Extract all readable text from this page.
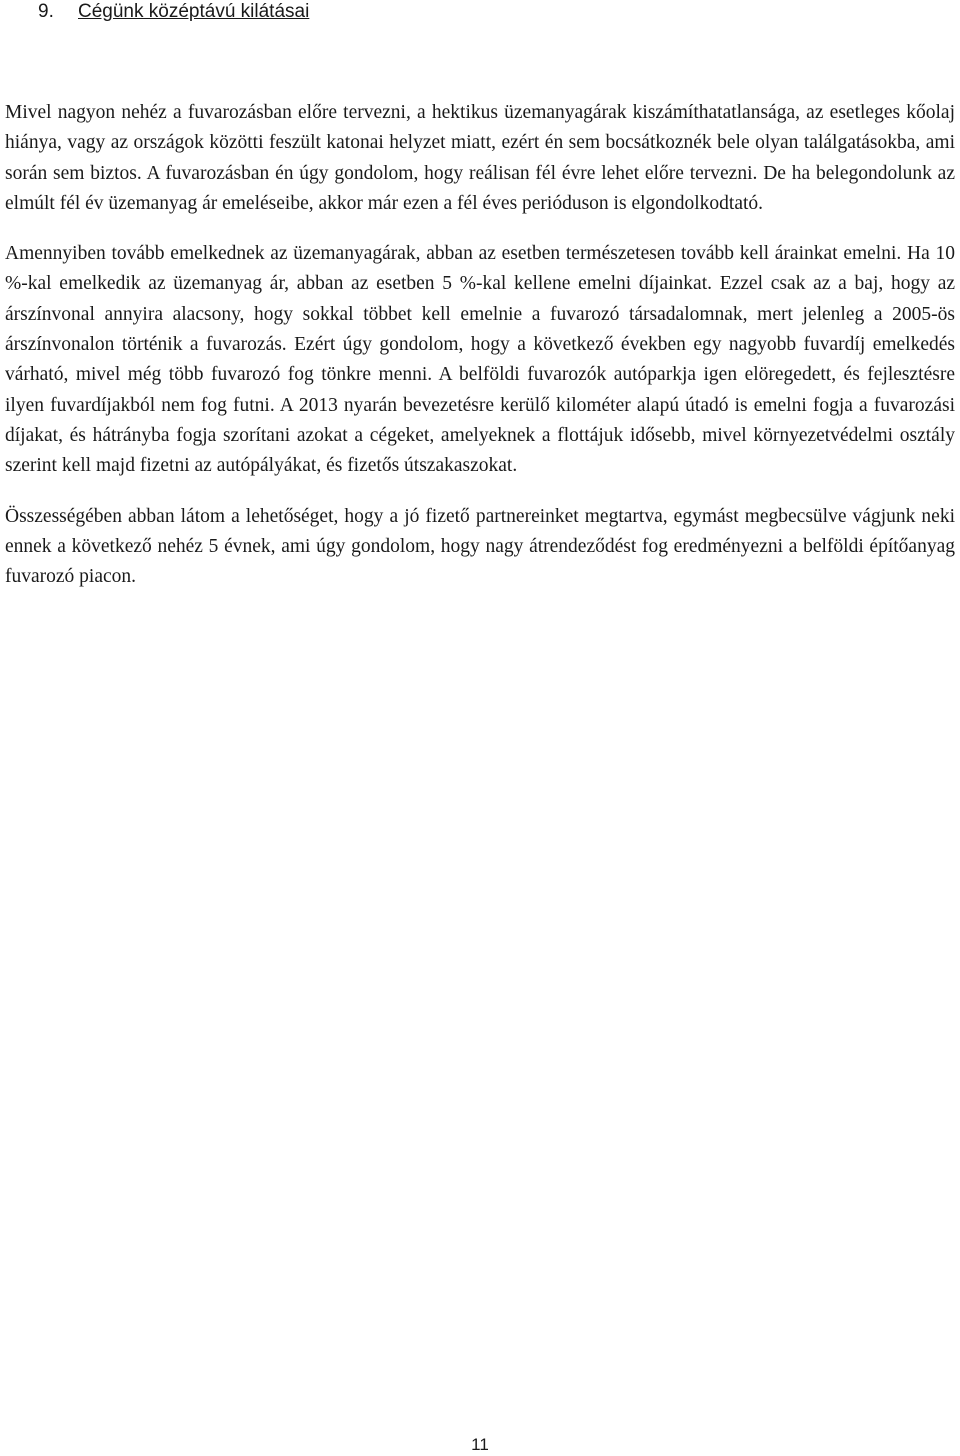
9. Cégünk középtávú kilátásai

Mivel nagyon nehéz a fuvarozásban előre tervezni, a hektikus üzemanyagárak kiszámíthatatlansága, az esetleges kőolaj hiánya, vagy az országok közötti feszült katonai helyzet miatt, ezért én sem bocsátkoznék bele olyan találgatásokba, ami során sem biztos. A fuvarozásban én úgy gondolom, hogy reálisan fél évre lehet előre tervezni. De ha belegondolunk az elmúlt fél év üzemanyag ár emeléseibe, akkor már ezen a fél éves perióduson is elgondolkodtató.

Amennyiben tovább emelkednek az üzemanyagárak, abban az esetben természetesen tovább kell árainkat emelni. Ha 10 %-kal emelkedik az üzemanyag ár, abban az esetben 5 %-kal kellene emelni díjainkat. Ezzel csak az a baj, hogy az árszínvonal annyira alacsony, hogy sokkal többet kell emelnie a fuvarozó társadalomnak, mert jelenleg a 2005-ös árszínvonalon történik a fuvarozás. Ezért úgy gondolom, hogy a következő években egy nagyobb fuvardíj emelkedés várható, mivel még több fuvarozó fog tönkre menni. A belföldi fuvarozók autóparkja igen elöregedett, és fejlesztésre ilyen fuvardíjakból nem fog futni. A 2013 nyarán bevezetésre kerülő kilométer alapú útadó is emelni fogja a fuvarozási díjakat, és hátrányba fogja szorítani azokat a cégeket, amelyeknek a flottájuk idősebb, mivel környezetvédelmi osztály szerint kell majd fizetni az autópályákat, és fizetős útszakaszokat.

Összességében abban látom a lehetőséget, hogy a jó fizető partnereinket megtartva, egymást megbecsülve vágjunk neki ennek a következő nehéz 5 évnek, ami úgy gondolom, hogy nagy átrendeződést fog eredményezni a belföldi építőanyag fuvarozó piacon.

11
